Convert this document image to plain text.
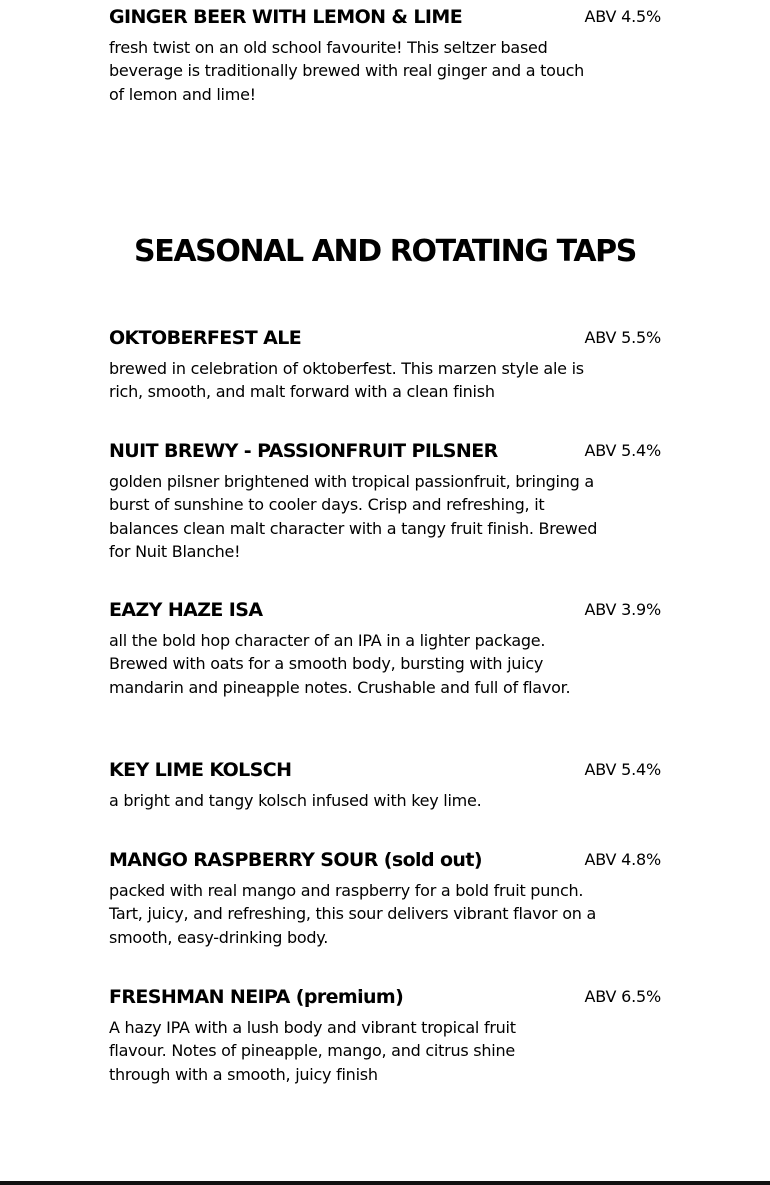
GINGER BEER WITH LEMON & LIME	ABV 4.5%
fresh twist on an old school favourite! This seltzer based beverage is traditionally brewed with real ginger and a touch of lemon and lime!
SEASONAL AND ROTATING TAPS
OKTOBERFEST ALE	ABV 5.5%
brewed in celebration of oktoberfest. This marzen style ale is rich, smooth, and malt forward with a clean finish
NUIT BREWY - PASSIONFRUIT PILSNER	ABV 5.4%
golden pilsner brightened with tropical passionfruit, bringing a burst of sunshine to cooler days. Crisp and refreshing, it balances clean malt character with a tangy fruit finish. Brewed for Nuit Blanche!
EAZY HAZE ISA	ABV 3.9%
all the bold hop character of an IPA in a lighter package. Brewed with oats for a smooth body, bursting with juicy mandarin and pineapple notes. Crushable and full of flavor.
KEY LIME KOLSCH	ABV 5.4%
a bright and tangy kolsch infused with key lime.
MANGO RASPBERRY SOUR (sold out)	ABV 4.8%
packed with real mango and raspberry for a bold fruit punch. Tart, juicy, and refreshing, this sour delivers vibrant flavor on a smooth, easy-drinking body.
FRESHMAN NEIPA (premium)	ABV 6.5%
A hazy IPA with a lush body and vibrant tropical fruit flavour. Notes of pineapple, mango, and citrus shine through with a smooth, juicy finish
